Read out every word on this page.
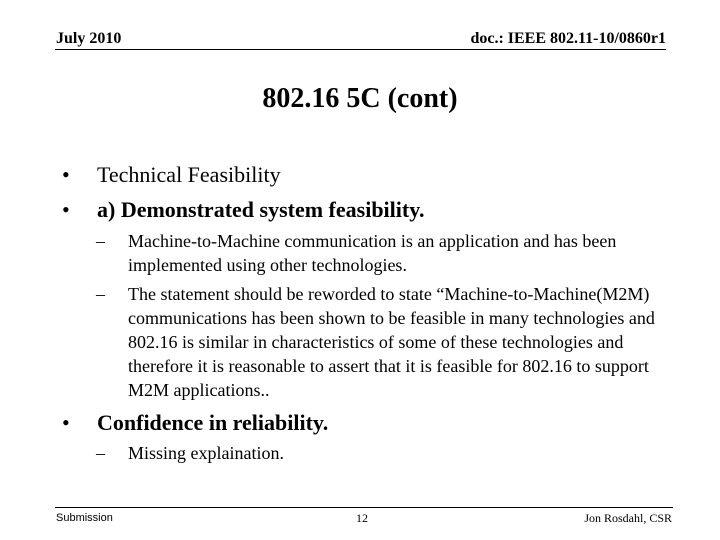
July 2010	doc.: IEEE 802.11-10/0860r1
802.16 5C (cont)
• Technical Feasibility
• a) Demonstrated system feasibility.
– Machine-to-Machine communication is an application and has been implemented using other technologies.
– The statement should be reworded to state “Machine-to-Machine(M2M) communications has been shown to be feasible in many technologies and 802.16 is similar in characteristics of some of these technologies and therefore it is reasonable to assert that it is feasible for 802.16 to support M2M applications..
• Confidence in reliability.
– Missing explaination.
Submission	12	Jon Rosdahl, CSR
